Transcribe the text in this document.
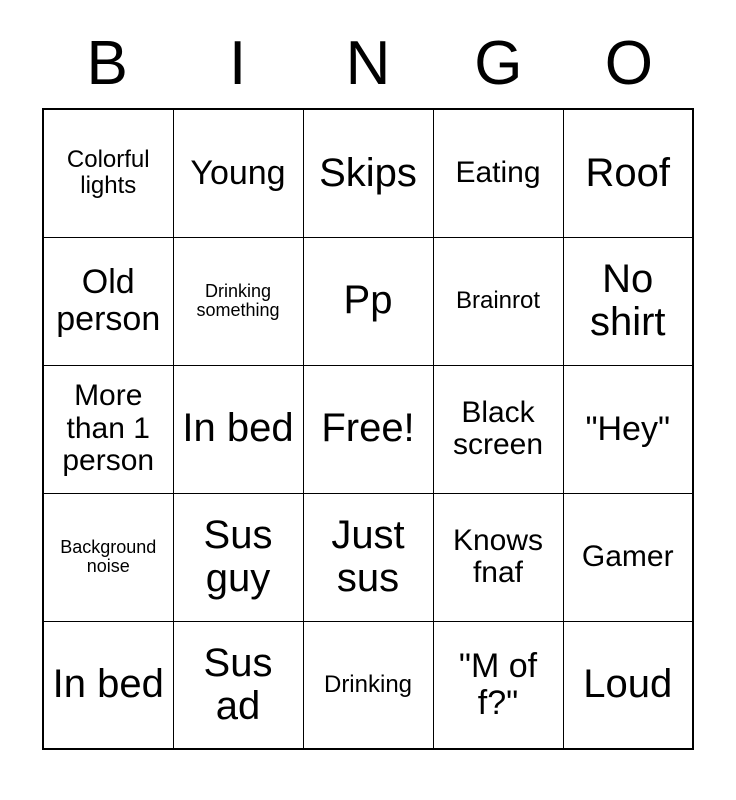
B	I	N	G	O
Colorful lights	Young	Skips	Eating	Roof
Old person	Drinking something	Pp	Brainrot	No shirt
More than 1 person	In bed	Free!	Black screen	"Hey"
Background noise	Sus guy	Just sus	Knows fnaf	Gamer
In bed	Sus ad	Drinking	"M of f?"	Loud
